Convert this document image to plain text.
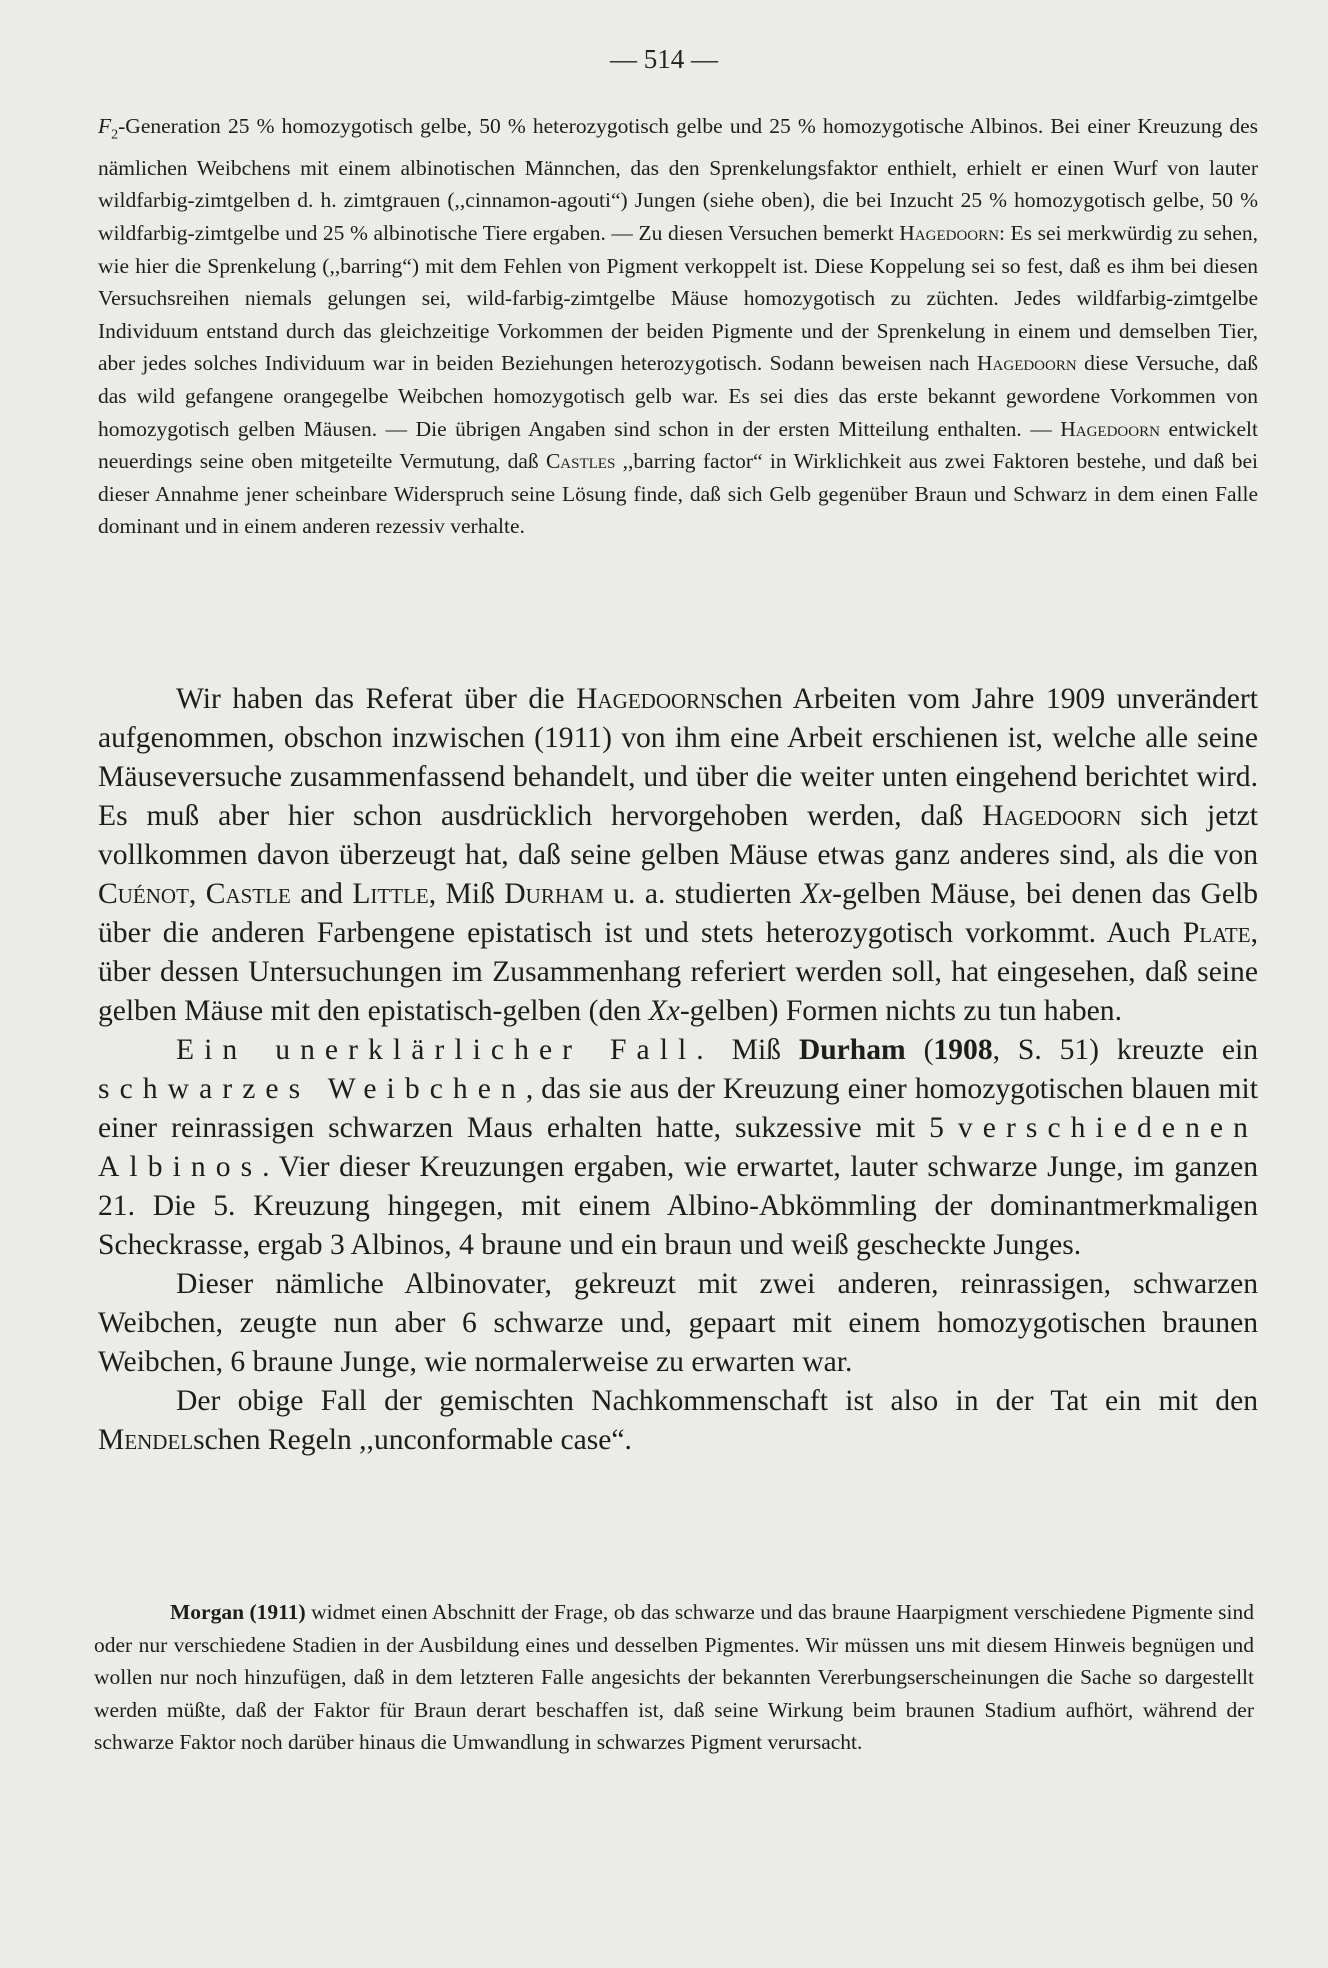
— 514 —

$F_2$-Generation 25 % homozygotisch gelbe, 50 % heterozygotisch gelbe und 25 % homozygotische Albinos. Bei einer Kreuzung des nämlichen Weibchens mit einem albinotischen Männchen, das den Sprenkelungsfaktor enthielt, erhielt er einen Wurf von lauter wildfarbig-zimtgelben d. h. zimtgrauen (,,cinnamon-agouti“) Jungen (siehe oben), die bei Inzucht 25 % homozygotisch gelbe, 50 % wildfarbig-zimtgelbe und 25 % albinotische Tiere ergaben. — Zu diesen Versuchen bemerkt Hagedoorn: Es sei merkwürdig zu sehen, wie hier die Sprenkelung (,,barring“) mit dem Fehlen von Pigment verkoppelt ist. Diese Koppelung sei so fest, daß es ihm bei diesen Versuchsreihen niemals gelungen sei, wild-farbig-zimtgelbe Mäuse homozygotisch zu züchten. Jedes wildfarbig-zimtgelbe Individuum entstand durch das gleichzeitige Vorkommen der beiden Pigmente und der Sprenkelung in einem und demselben Tier, aber jedes solches Individuum war in beiden Beziehungen heterozygotisch. Sodann beweisen nach Hagedoorn diese Versuche, daß das wild gefangene orangegelbe Weibchen homozygotisch gelb war. Es sei dies das erste bekannt gewordene Vorkommen von homozygotisch gelben Mäusen. — Die übrigen Angaben sind schon in der ersten Mitteilung enthalten. — Hagedoorn entwickelt neuerdings seine oben mitgeteilte Vermutung, daß Castles ,,barring factor“ in Wirklichkeit aus zwei Faktoren bestehe, und daß bei dieser Annahme jener scheinbare Widerspruch seine Lösung finde, daß sich Gelb gegenüber Braun und Schwarz in dem einen Falle dominant und in einem anderen rezessiv verhalte.

Wir haben das Referat über die Hagedoornschen Arbeiten vom Jahre 1909 unverändert aufgenommen, obschon inzwischen (1911) von ihm eine Arbeit erschienen ist, welche alle seine Mäuseversuche zusammenfassend behandelt, und über die weiter unten eingehend berichtet wird. Es muß aber hier schon ausdrücklich hervorgehoben werden, daß Hagedoorn sich jetzt vollkommen davon überzeugt hat, daß seine gelben Mäuse etwas ganz anderes sind, als die von Cuénot, Castle and Little, Miß Durham u. a. studierten Xx-gelben Mäuse, bei denen das Gelb über die anderen Farbengene epistatisch ist und stets heterozygotisch vorkommt. Auch Plate, über dessen Untersuchungen im Zusammenhang referiert werden soll, hat eingesehen, daß seine gelben Mäuse mit den epistatisch-gelben (den Xx-gelben) Formen nichts zu tun haben.

Ein unerklärlicher Fall. Miß Durham (1908, S. 51) kreuzte ein schwarzes Weibchen, das sie aus der Kreuzung einer homozygotischen blauen mit einer reinrassigen schwarzen Maus erhalten hatte, sukzessive mit 5 verschiedenen Albinos. Vier dieser Kreuzungen ergaben, wie erwartet, lauter schwarze Junge, im ganzen 21. Die 5. Kreuzung hingegen, mit einem Albino-Abkömmling der dominantmerkmaligen Scheckrasse, ergab 3 Albinos, 4 braune und ein braun und weiß gescheckte Junges.

Dieser nämliche Albinovater, gekreuzt mit zwei anderen, reinrassigen, schwarzen Weibchen, zeugte nun aber 6 schwarze und, gepaart mit einem homozygotischen braunen Weibchen, 6 braune Junge, wie normalerweise zu erwarten war.

Der obige Fall der gemischten Nachkommenschaft ist also in der Tat ein mit den Mendelschen Regeln ,,unconformable case“.

Morgan (1911) widmet einen Abschnitt der Frage, ob das schwarze und das braune Haarpigment verschiedene Pigmente sind oder nur verschiedene Stadien in der Ausbildung eines und desselben Pigmentes. Wir müssen uns mit diesem Hinweis begnügen und wollen nur noch hinzufügen, daß in dem letzteren Falle angesichts der bekannten Vererbungserscheinungen die Sache so dargestellt werden müßte, daß der Faktor für Braun derart beschaffen ist, daß seine Wirkung beim braunen Stadium aufhört, während der schwarze Faktor noch darüber hinaus die Umwandlung in schwarzes Pigment verursacht.
